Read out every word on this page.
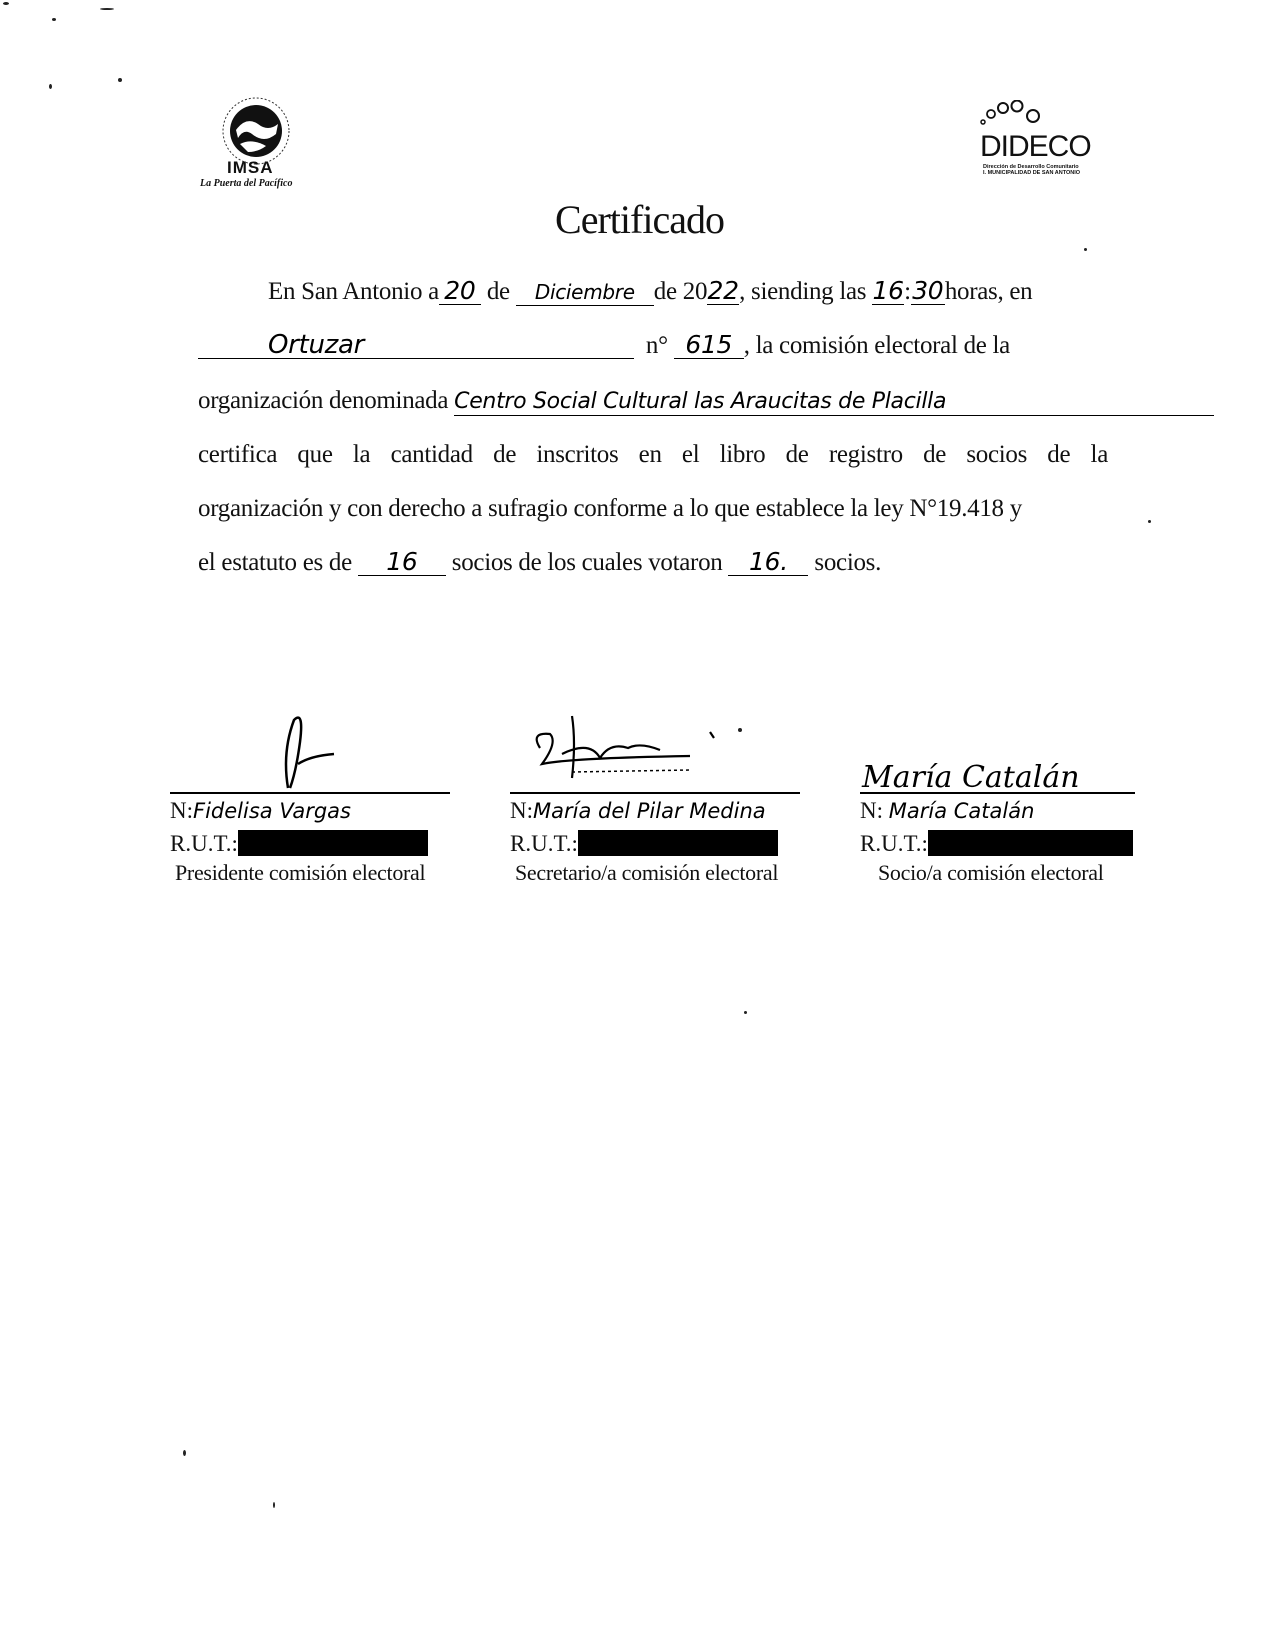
IMSA
La Puerta del Pacífico
DIDECO
Dirección de Desarrollo Comunitario
I. MUNICIPALIDAD DE SAN ANTONIO
Certificado
En San Antonio a 20 de Diciembre de 2022, siending las 16:30horas, en
Ortuzar	n° 615 , la comisión electoral de la
organización denominada Centro Social Cultural las Araucitas de Placilla
certifica que la cantidad de inscritos en el libro de registro de socios de la
organización y con derecho a sufragio conforme a lo que establece la ley N°19.418 y
el estatuto es de 16 socios de los cuales votaron 16. socios.
N:Fidelisa Vargas
R.U.T.:
Presidente comisión electoral
N:María del Pilar Medina
R.U.T.:
Secretario/a comisión electoral
María Catalán
N: María Catalán
R.U.T.:
Socio/a comisión electoral
